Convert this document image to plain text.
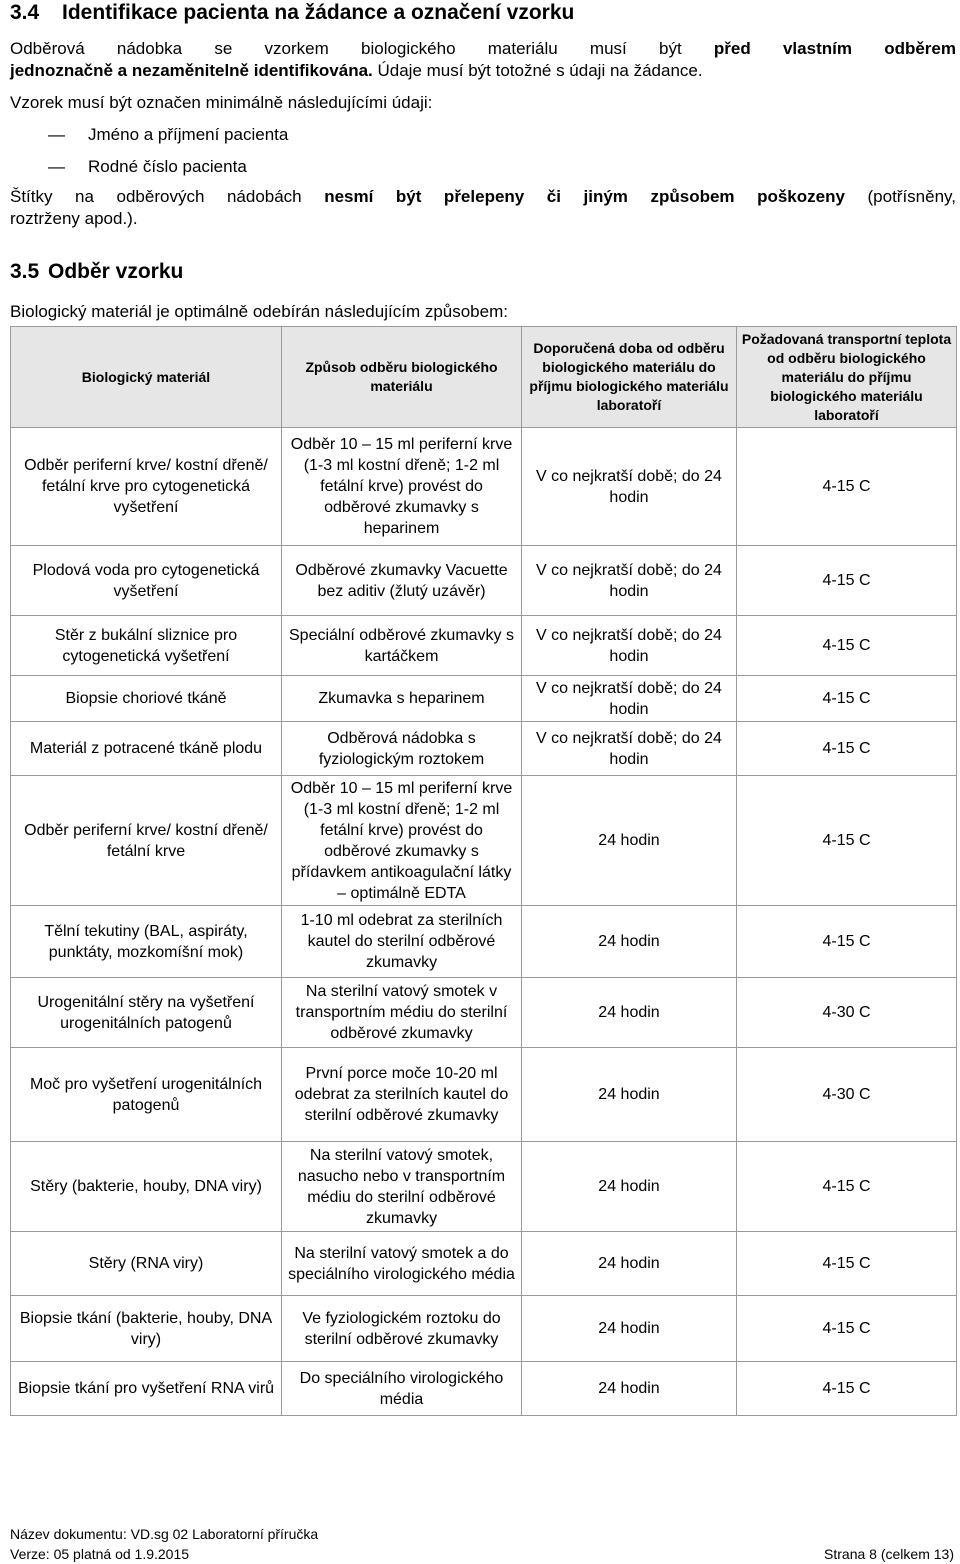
3.4 Identifikace pacienta na žádance a označení vzorku
Odběrová nádobka se vzorkem biologického materiálu musí být před vlastním odběrem
jednoznačně a nezaměnitelně identifikována. Údaje musí být totožné s údaji na žádance.
Vzorek musí být označen minimálně následujícími údaji:
— Jméno a příjmení pacienta
— Rodné číslo pacienta
Štítky na odběrových nádobách nesmí být přelepeny či jiným způsobem poškozeny (potřísněny,
roztrženy apod.).
3.5 Odběr vzorku
Biologický materiál je optimálně odebírán následujícím způsobem:
Biologický materiál	Způsob odběru biologického materiálu	Doporučená doba od odběru biologického materiálu do příjmu biologického materiálu laboratoří	Požadovaná transportní teplota od odběru biologického materiálu do příjmu biologického materiálu laboratoří
Odběr periferní krve/ kostní dřeně/ fetální krve pro cytogenetická vyšetření	Odběr 10 – 15 ml periferní krve (1-3 ml kostní dřeně; 1-2 ml fetální krve) provést do odběrové zkumavky s heparinem	V co nejkratší době; do 24 hodin	4-15 C
Plodová voda pro cytogenetická vyšetření	Odběrové zkumavky Vacuette bez aditiv (žlutý uzávěr)	V co nejkratší době; do 24 hodin	4-15 C
Stěr z bukální sliznice pro cytogenetická vyšetření	Speciální odběrové zkumavky s kartáčkem	V co nejkratší době; do 24 hodin	4-15 C
Biopsie choriové tkáně	Zkumavka s heparinem	V co nejkratší době; do 24 hodin	4-15 C
Materiál z potracené tkáně plodu	Odběrová nádobka s fyziologickým roztokem	V co nejkratší době; do 24 hodin	4-15 C
Odběr periferní krve/ kostní dřeně/ fetální krve	Odběr 10 – 15 ml periferní krve (1-3 ml kostní dřeně; 1-2 ml fetální krve) provést do odběrové zkumavky s přídavkem antikoagulační látky – optimálně EDTA	24 hodin	4-15 C
Tělní tekutiny (BAL, aspiráty, punktáty, mozkomíšní mok)	1-10 ml odebrat za sterilních kautel do sterilní odběrové zkumavky	24 hodin	4-15 C
Urogenitální stěry na vyšetření urogenitálních patogenů	Na sterilní vatový smotek v transportním médiu do sterilní odběrové zkumavky	24 hodin	4-30 C
Moč pro vyšetření urogenitálních patogenů	První porce moče 10-20 ml odebrat za sterilních kautel do sterilní odběrové zkumavky	24 hodin	4-30 C
Stěry (bakterie, houby, DNA viry)	Na sterilní vatový smotek, nasucho nebo v transportním médiu do sterilní odběrové zkumavky	24 hodin	4-15 C
Stěry (RNA viry)	Na sterilní vatový smotek a do speciálního virologického média	24 hodin	4-15 C
Biopsie tkání (bakterie, houby, DNA viry)	Ve fyziologickém roztoku do sterilní odběrové zkumavky	24 hodin	4-15 C
Biopsie tkání pro vyšetření RNA virů	Do speciálního virologického média	24 hodin	4-15 C
Název dokumentu: VD.sg 02 Laboratorní příručka
Verze: 05 platná od 1.9.2015	Strana 8 (celkem 13)
